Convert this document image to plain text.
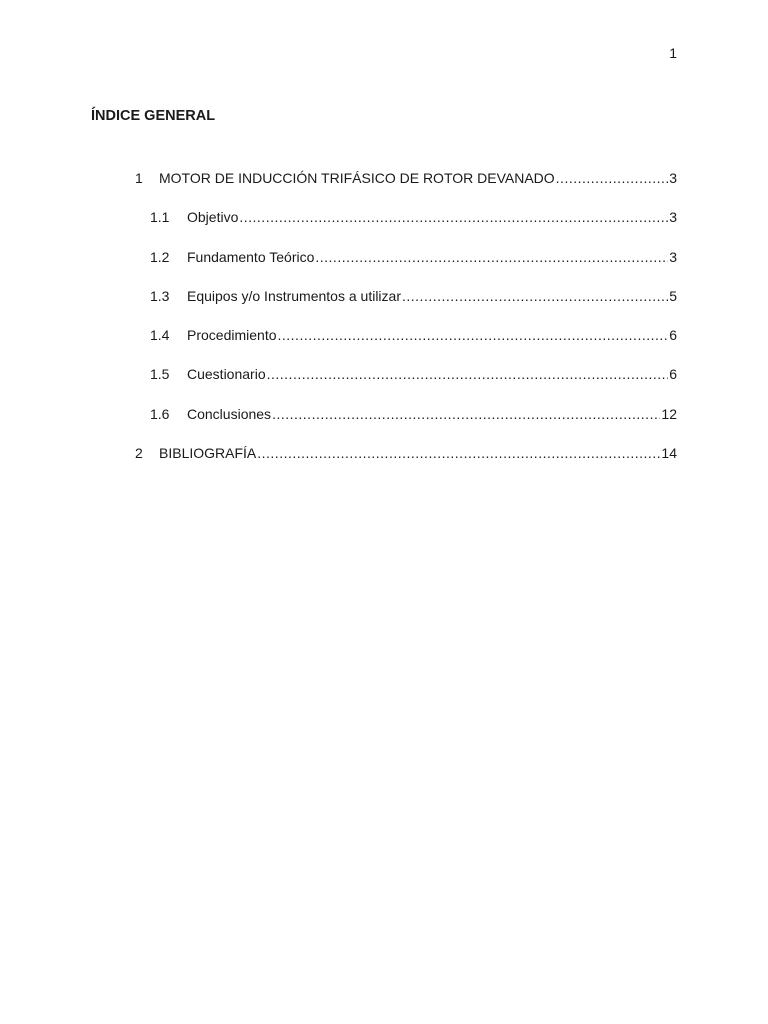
1
ÍNDICE GENERAL
1	MOTOR DE INDUCCIÓN TRIFÁSICO DE ROTOR DEVANADO .....	3
1.1	Objetivo .....	3
1.2	Fundamento Teórico .....	3
1.3	Equipos y/o Instrumentos a utilizar .....	5
1.4	Procedimiento .....	6
1.5	Cuestionario .....	6
1.6	Conclusiones .....	12
2	BIBLIOGRAFÍA .....	14
